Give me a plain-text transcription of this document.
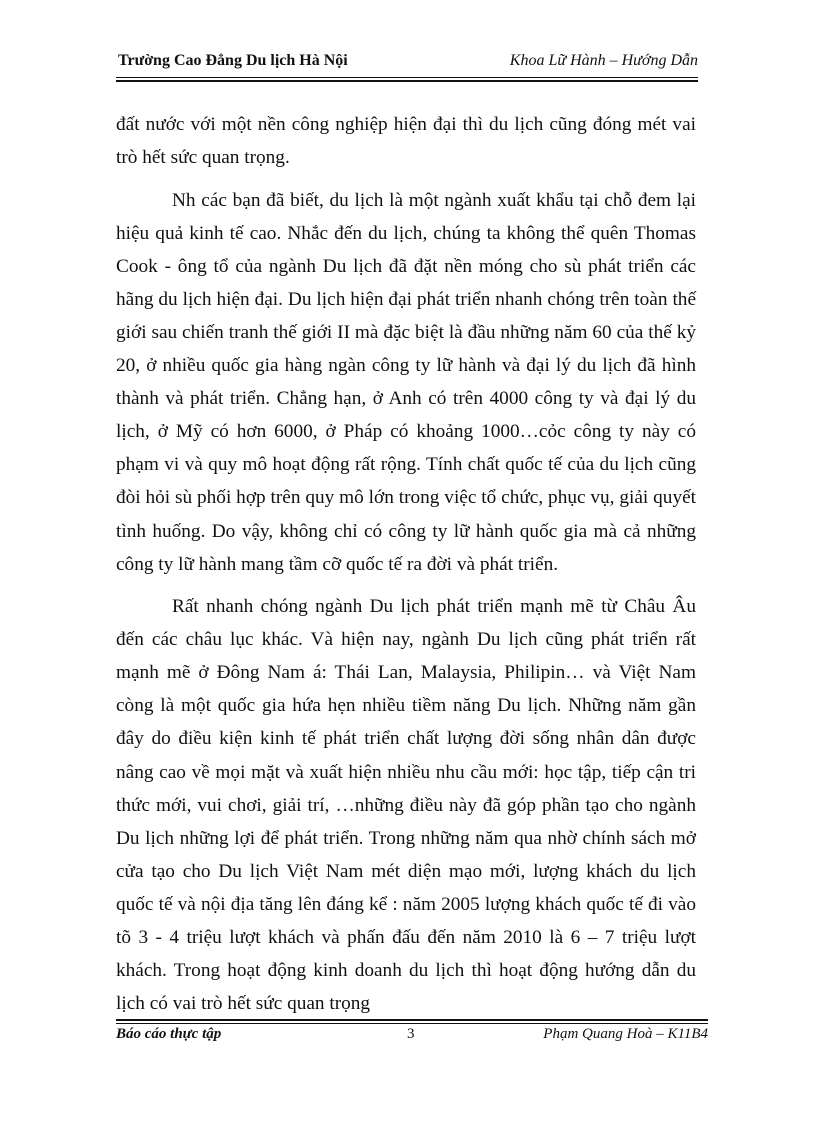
Trường Cao Đẳng Du lịch Hà Nội	Khoa Lữ Hành – Hướng Dẫn

đất nước với một nền công nghiệp hiện đại thì du lịch cũng đóng mét vai trò hết sức quan trọng.

Nh các bạn đã biết, du lịch là một ngành xuất khẩu tại chỗ đem lại hiệu quả kinh tế cao. Nhắc đến du lịch, chúng ta không thể quên Thomas Cook - ông tổ của ngành Du lịch đã đặt nền móng cho sù phát triển các hãng du lịch hiện đại. Du lịch hiện đại phát triển nhanh chóng trên toàn thế giới sau chiến tranh thế giới II mà đặc biệt là đầu những năm 60 của thế kỷ 20, ở nhiều quốc gia hàng ngàn công ty lữ hành và đại lý du lịch đã hình thành và phát triển. Chẳng hạn, ở Anh có trên 4000 công ty và đại lý du lịch, ở Mỹ có hơn 6000, ở Pháp có khoảng 1000…cỏc công ty này có phạm vi và quy mô hoạt động rất rộng. Tính chất quốc tế của du lịch cũng đòi hỏi sù phối hợp trên quy mô lớn trong việc tổ chức, phục vụ, giải quyết tình huống. Do vậy, không chỉ có công ty lữ hành quốc gia mà cả những công ty lữ hành mang tầm cỡ quốc tế ra đời và phát triển.

Rất nhanh chóng ngành Du lịch phát triển mạnh mẽ từ Châu Âu đến các châu lục khác. Và hiện nay, ngành Du lịch cũng phát triển rất mạnh mẽ ở Đông Nam á: Thái Lan, Malaysia, Philipin… và Việt Nam còng là một quốc gia hứa hẹn nhiều tiềm năng Du lịch. Những năm gần đây do điều kiện kinh tế phát triển chất lượng đời sống nhân dân được nâng cao về mọi mặt và xuất hiện nhiều nhu cầu mới: học tập, tiếp cận tri thức mới, vui chơi, giải trí, …những điều này đã góp phần tạo cho ngành Du lịch những lợi để phát triển. Trong những năm qua nhờ chính sách mở cửa tạo cho Du lịch Việt Nam mét diện mạo mới, lượng khách du lịch quốc tế và nội địa tăng lên đáng kể : năm 2005 lượng khách quốc tế đi vào tõ 3 - 4 triệu lượt khách và phấn đấu đến năm 2010 là 6 – 7 triệu lượt khách. Trong hoạt động kinh doanh du lịch thì hoạt động hướng dẫn du lịch có vai trò hết sức quan trọng

Báo cáo thực tập	3	Phạm Quang Hoà – K11B4
